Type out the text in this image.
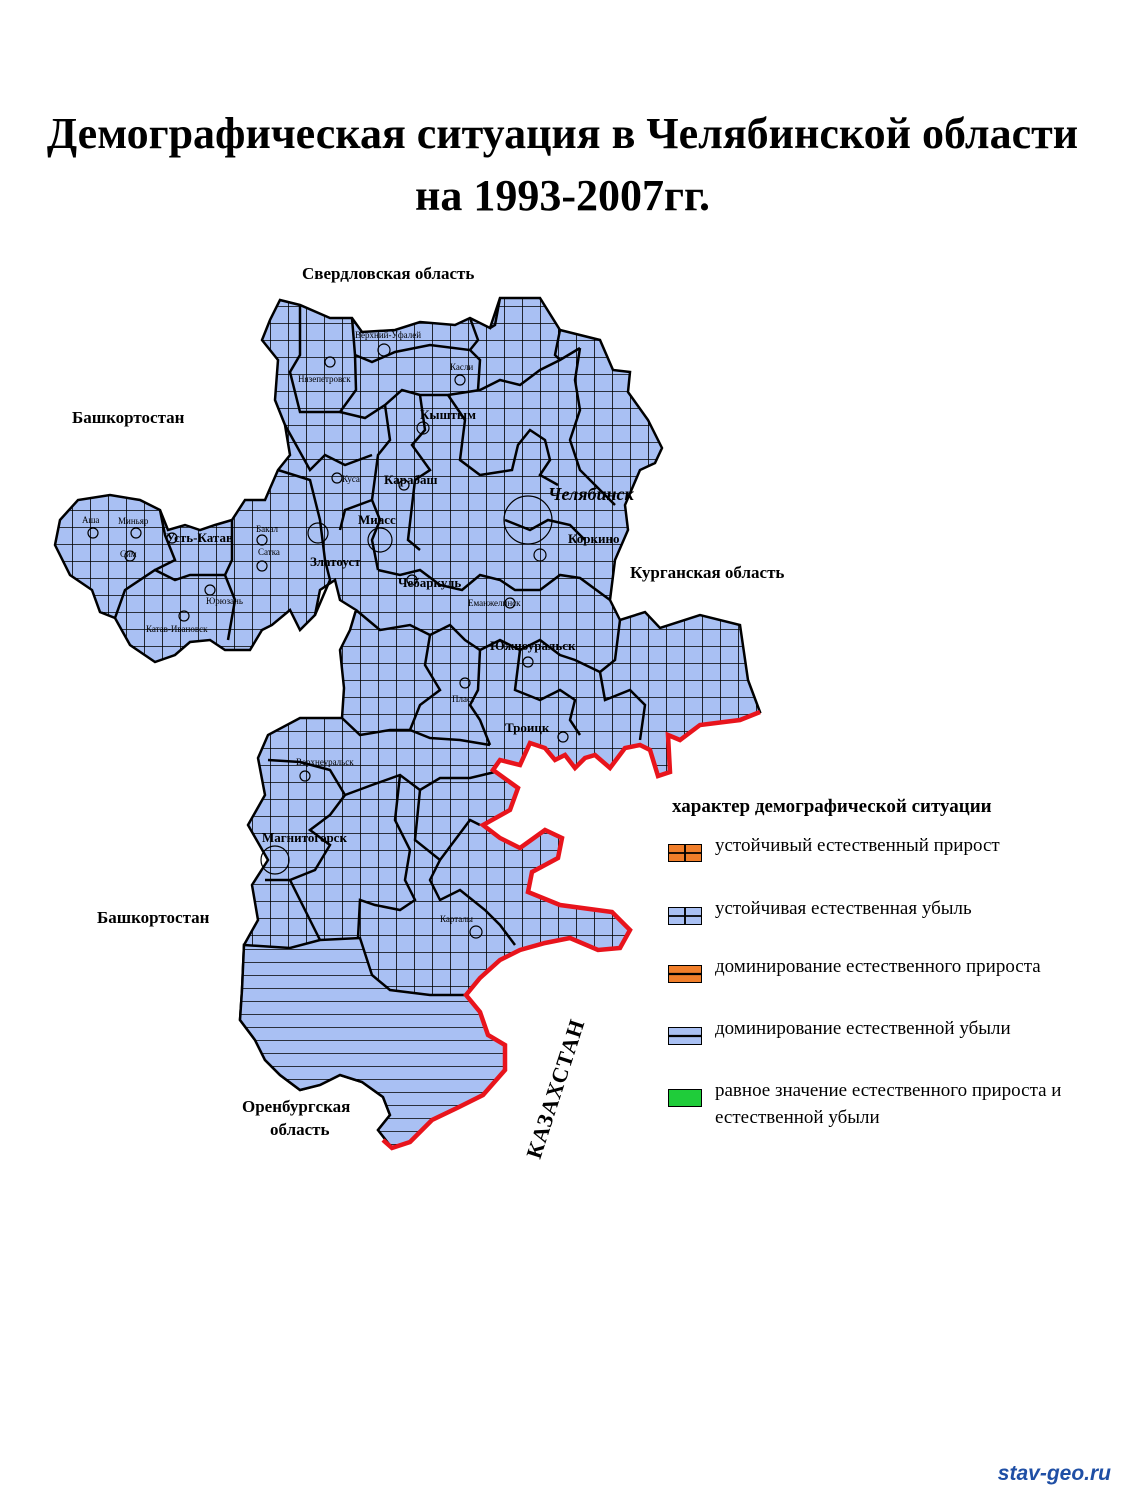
Демографическая ситуация в Челябинской области
на 1993-2007гг.
Челябинск
Верхний-Уфалей
Касли
Нязепетровск
Кыштым
Карабаш
Куса
Миасс
Коркино
Аша Миньяр
Сим
Усть-Катав
Бакал
Сатка
Златоуст
Чебаркуль
Юрюзань
Катав-Ивановск
Еманжелинск
Южноуральск
Пласт
Троицк
Верхнеуральск
Магнитогорск
Карталы
КАЗАХСТАН
Свердловская область
Башкортостан
Курганская область
Башкортостан
Оренбургская
область
характер демографической ситуации
устойчивый естественный прирост
устойчивая естественная убыль
доминирование естественного прироста
доминирование естественной убыли
равное значение естественного прироста и естественной убыли
stav-geo.ru
